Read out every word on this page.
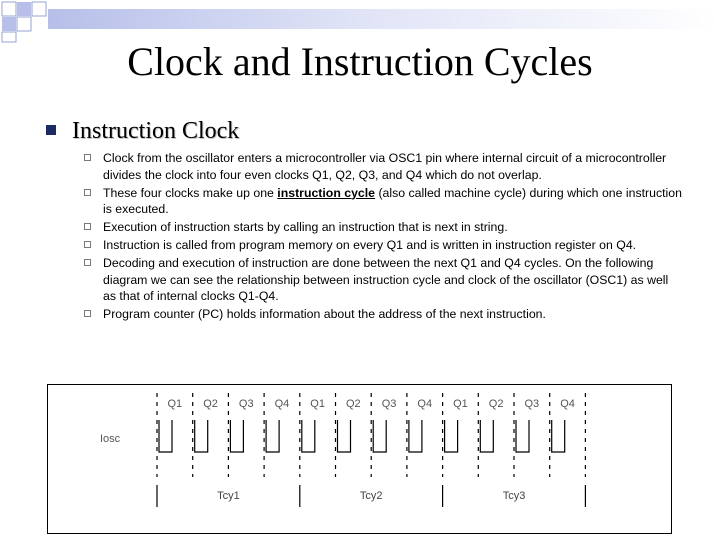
Clock and Instruction Cycles
Instruction Clock
Clock from the oscillator enters a microcontroller via OSC1 pin where internal circuit of a microcontroller divides the clock into four even clocks Q1, Q2, Q3, and Q4 which do not overlap.
These four clocks make up one instruction cycle (also called machine cycle) during which one instruction is executed.
Execution of instruction starts by calling an instruction that is next in string.
Instruction is called from program memory on every Q1 and is written in instruction register on Q4.
Decoding and execution of instruction are done between the next Q1 and Q4 cycles. On the following diagram we can see the relationship between instruction cycle and clock of the oscillator (OSC1) as well as that of internal clocks Q1-Q4.
Program counter (PC) holds information about the address of the next instruction.
Iosc
Q1 Q2 Q3 Q4 Q1 Q2 Q3 Q4 Q1 Q2 Q3 Q4
Tcy1	Tcy2	Tcy3
